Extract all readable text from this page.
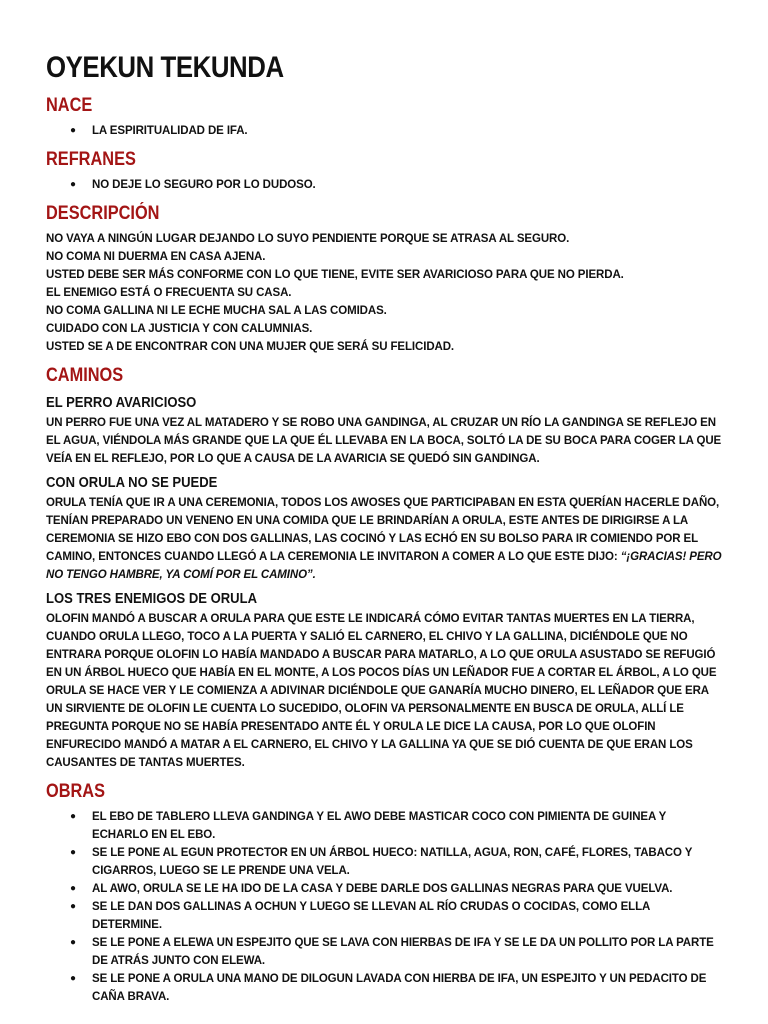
OYEKUN TEKUNDA
NACE
● LA ESPIRITUALIDAD DE IFA.
REFRANES
● NO DEJE LO SEGURO POR LO DUDOSO.
DESCRIPCIÓN
NO VAYA A NINGÚN LUGAR DEJANDO LO SUYO PENDIENTE PORQUE SE ATRASA AL SEGURO.
NO COMA NI DUERMA EN CASA AJENA.
USTED DEBE SER MÁS CONFORME CON LO QUE TIENE, EVITE SER AVARICIOSO PARA QUE NO PIERDA.
EL ENEMIGO ESTÁ O FRECUENTA SU CASA.
NO COMA GALLINA NI LE ECHE MUCHA SAL A LAS COMIDAS.
CUIDADO CON LA JUSTICIA Y CON CALUMNIAS.
USTED SE A DE ENCONTRAR CON UNA MUJER QUE SERÁ SU FELICIDAD.
CAMINOS
EL PERRO AVARICIOSO

UN PERRO FUE UNA VEZ AL MATADERO Y SE ROBO UNA GANDINGA, AL CRUZAR UN RÍO LA GANDINGA SE REFLEJO EN EL AGUA, VIÉNDOLA MÁS GRANDE QUE LA QUE ÉL LLEVABA EN LA BOCA, SOLTÓ LA DE SU BOCA PARA COGER LA QUE VEÍA EN EL REFLEJO, POR LO QUE A CAUSA DE LA AVARICIA SE QUEDÓ SIN GANDINGA.

CON ORULA NO SE PUEDE

ORULA TENÍA QUE IR A UNA CEREMONIA, TODOS LOS AWOSES QUE PARTICIPABAN EN ESTA QUERÍAN HACERLE DAÑO, TENÍAN PREPARADO UN VENENO EN UNA COMIDA QUE LE BRINDARÍAN A ORULA, ESTE ANTES DE DIRIGIRSE A LA CEREMONIA SE HIZO EBO CON DOS GALLINAS, LAS COCINÓ Y LAS ECHÓ EN SU BOLSO PARA IR COMIENDO POR EL CAMINO, ENTONCES CUANDO LLEGÓ A LA CEREMONIA LE INVITARON A COMER A LO QUE ESTE DIJO: “¡GRACIAS! PERO NO TENGO HAMBRE, YA COMÍ POR EL CAMINO”.

LOS TRES ENEMIGOS DE ORULA

OLOFIN MANDÓ A BUSCAR A ORULA PARA QUE ESTE LE INDICARÁ CÓMO EVITAR TANTAS MUERTES EN LA TIERRA, CUANDO ORULA LLEGO, TOCO A LA PUERTA Y SALIÓ EL CARNERO, EL CHIVO Y LA GALLINA, DICIÉNDOLE QUE NO ENTRARA PORQUE OLOFIN LO HABÍA MANDADO A BUSCAR PARA MATARLO, A LO QUE ORULA ASUSTADO SE REFUGIÓ EN UN ÁRBOL HUECO QUE HABÍA EN EL MONTE, A LOS POCOS DÍAS UN LEÑADOR FUE A CORTAR EL ÁRBOL, A LO QUE ORULA SE HACE VER Y LE COMIENZA A ADIVINAR DICIÉNDOLE QUE GANARÍA MUCHO DINERO, EL LEÑADOR QUE ERA UN SIRVIENTE DE OLOFIN LE CUENTA LO SUCEDIDO, OLOFIN VA PERSONALMENTE EN BUSCA DE ORULA, ALLÍ LE PREGUNTA PORQUE NO SE HABÍA PRESENTADO ANTE ÉL Y ORULA LE DICE LA CAUSA, POR LO QUE OLOFIN ENFURECIDO MANDÓ A MATAR A EL CARNERO, EL CHIVO Y LA GALLINA YA QUE SE DIÓ CUENTA DE QUE ERAN LOS CAUSANTES DE TANTAS MUERTES.

OBRAS
● EL EBO DE TABLERO LLEVA GANDINGA Y EL AWO DEBE MASTICAR COCO CON PIMIENTA DE GUINEA Y ECHARLO EN EL EBO.
● SE LE PONE AL EGUN PROTECTOR EN UN ÁRBOL HUECO: NATILLA, AGUA, RON, CAFÉ, FLORES, TABACO Y CIGARROS, LUEGO SE LE PRENDE UNA VELA.
● AL AWO, ORULA SE LE HA IDO DE LA CASA Y DEBE DARLE DOS GALLINAS NEGRAS PARA QUE VUELVA.
● SE LE DAN DOS GALLINAS A OCHUN Y LUEGO SE LLEVAN AL RÍO CRUDAS O COCIDAS, COMO ELLA DETERMINE.
● SE LE PONE A ELEWA UN ESPEJITO QUE SE LAVA CON HIERBAS DE IFA Y SE LE DA UN POLLITO POR LA PARTE DE ATRÁS JUNTO CON ELEWA.
● SE LE PONE A ORULA UNA MANO DE DILOGUN LAVADA CON HIERBA DE IFA, UN ESPEJITO Y UN PEDACITO DE CAÑA BRAVA.
